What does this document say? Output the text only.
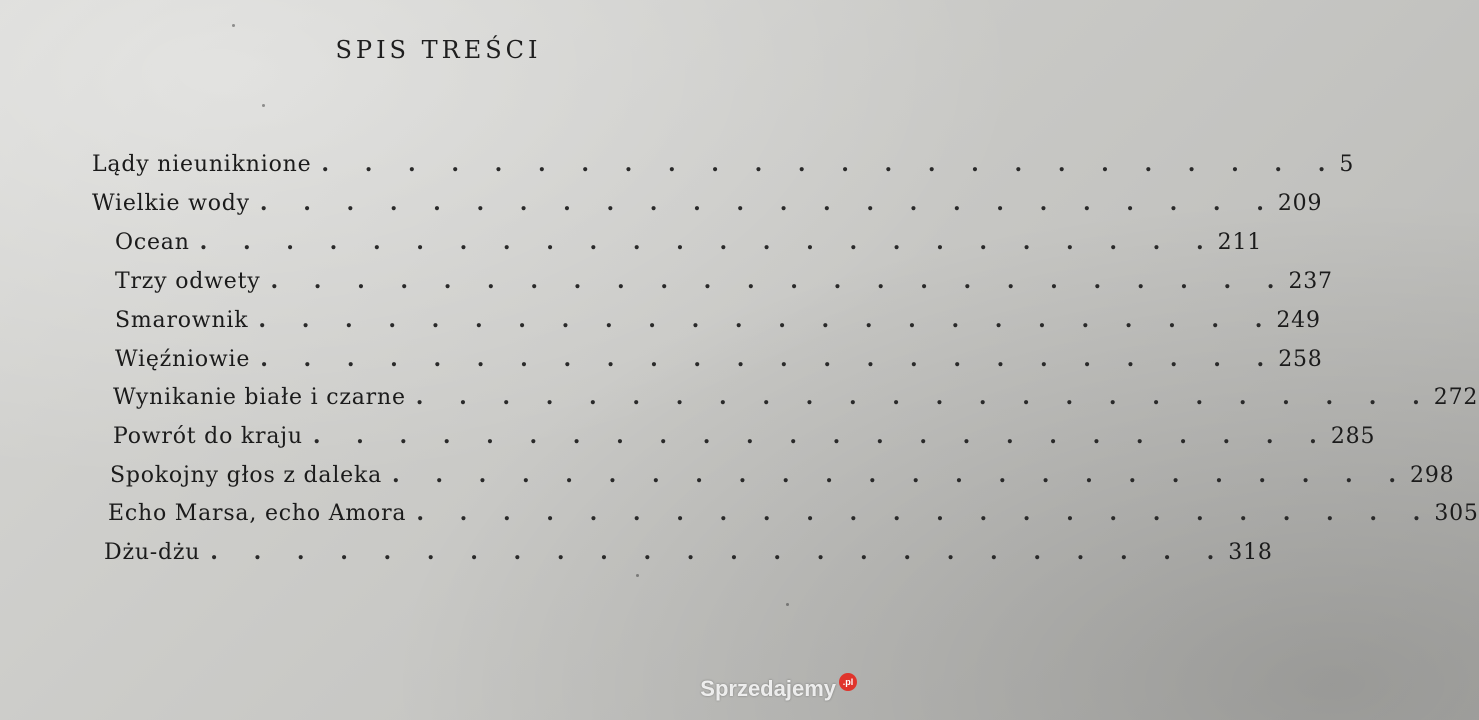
SPIS TREŚCI
Lądy nieuniknione . . . . . . . . . . . . . . . . . . . . . . . . 5
Wielkie wody . . . . . . . . . . . . . . . . . . . . . . . . 209
Ocean . . . . . . . . . . . . . . . . . . . . . . . . 211
Trzy odwety . . . . . . . . . . . . . . . . . . . . . . . . 237
Smarownik . . . . . . . . . . . . . . . . . . . . . . . . 249
Więźniowie . . . . . . . . . . . . . . . . . . . . . . . . 258
Wynikanie białe i czarne . . . . . . . . . . . . . . . . . . . . . . . . 272
Powrót do kraju . . . . . . . . . . . . . . . . . . . . . . . . 285
Spokojny głos z daleka . . . . . . . . . . . . . . . . . . . . . . . . 298
Echo Marsa, echo Amora . . . . . . . . . . . . . . . . . . . . . . . . 305
Dżu-dżu . . . . . . . . . . . . . . . . . . . . . . . . 318
Sprzedajemy .pl
